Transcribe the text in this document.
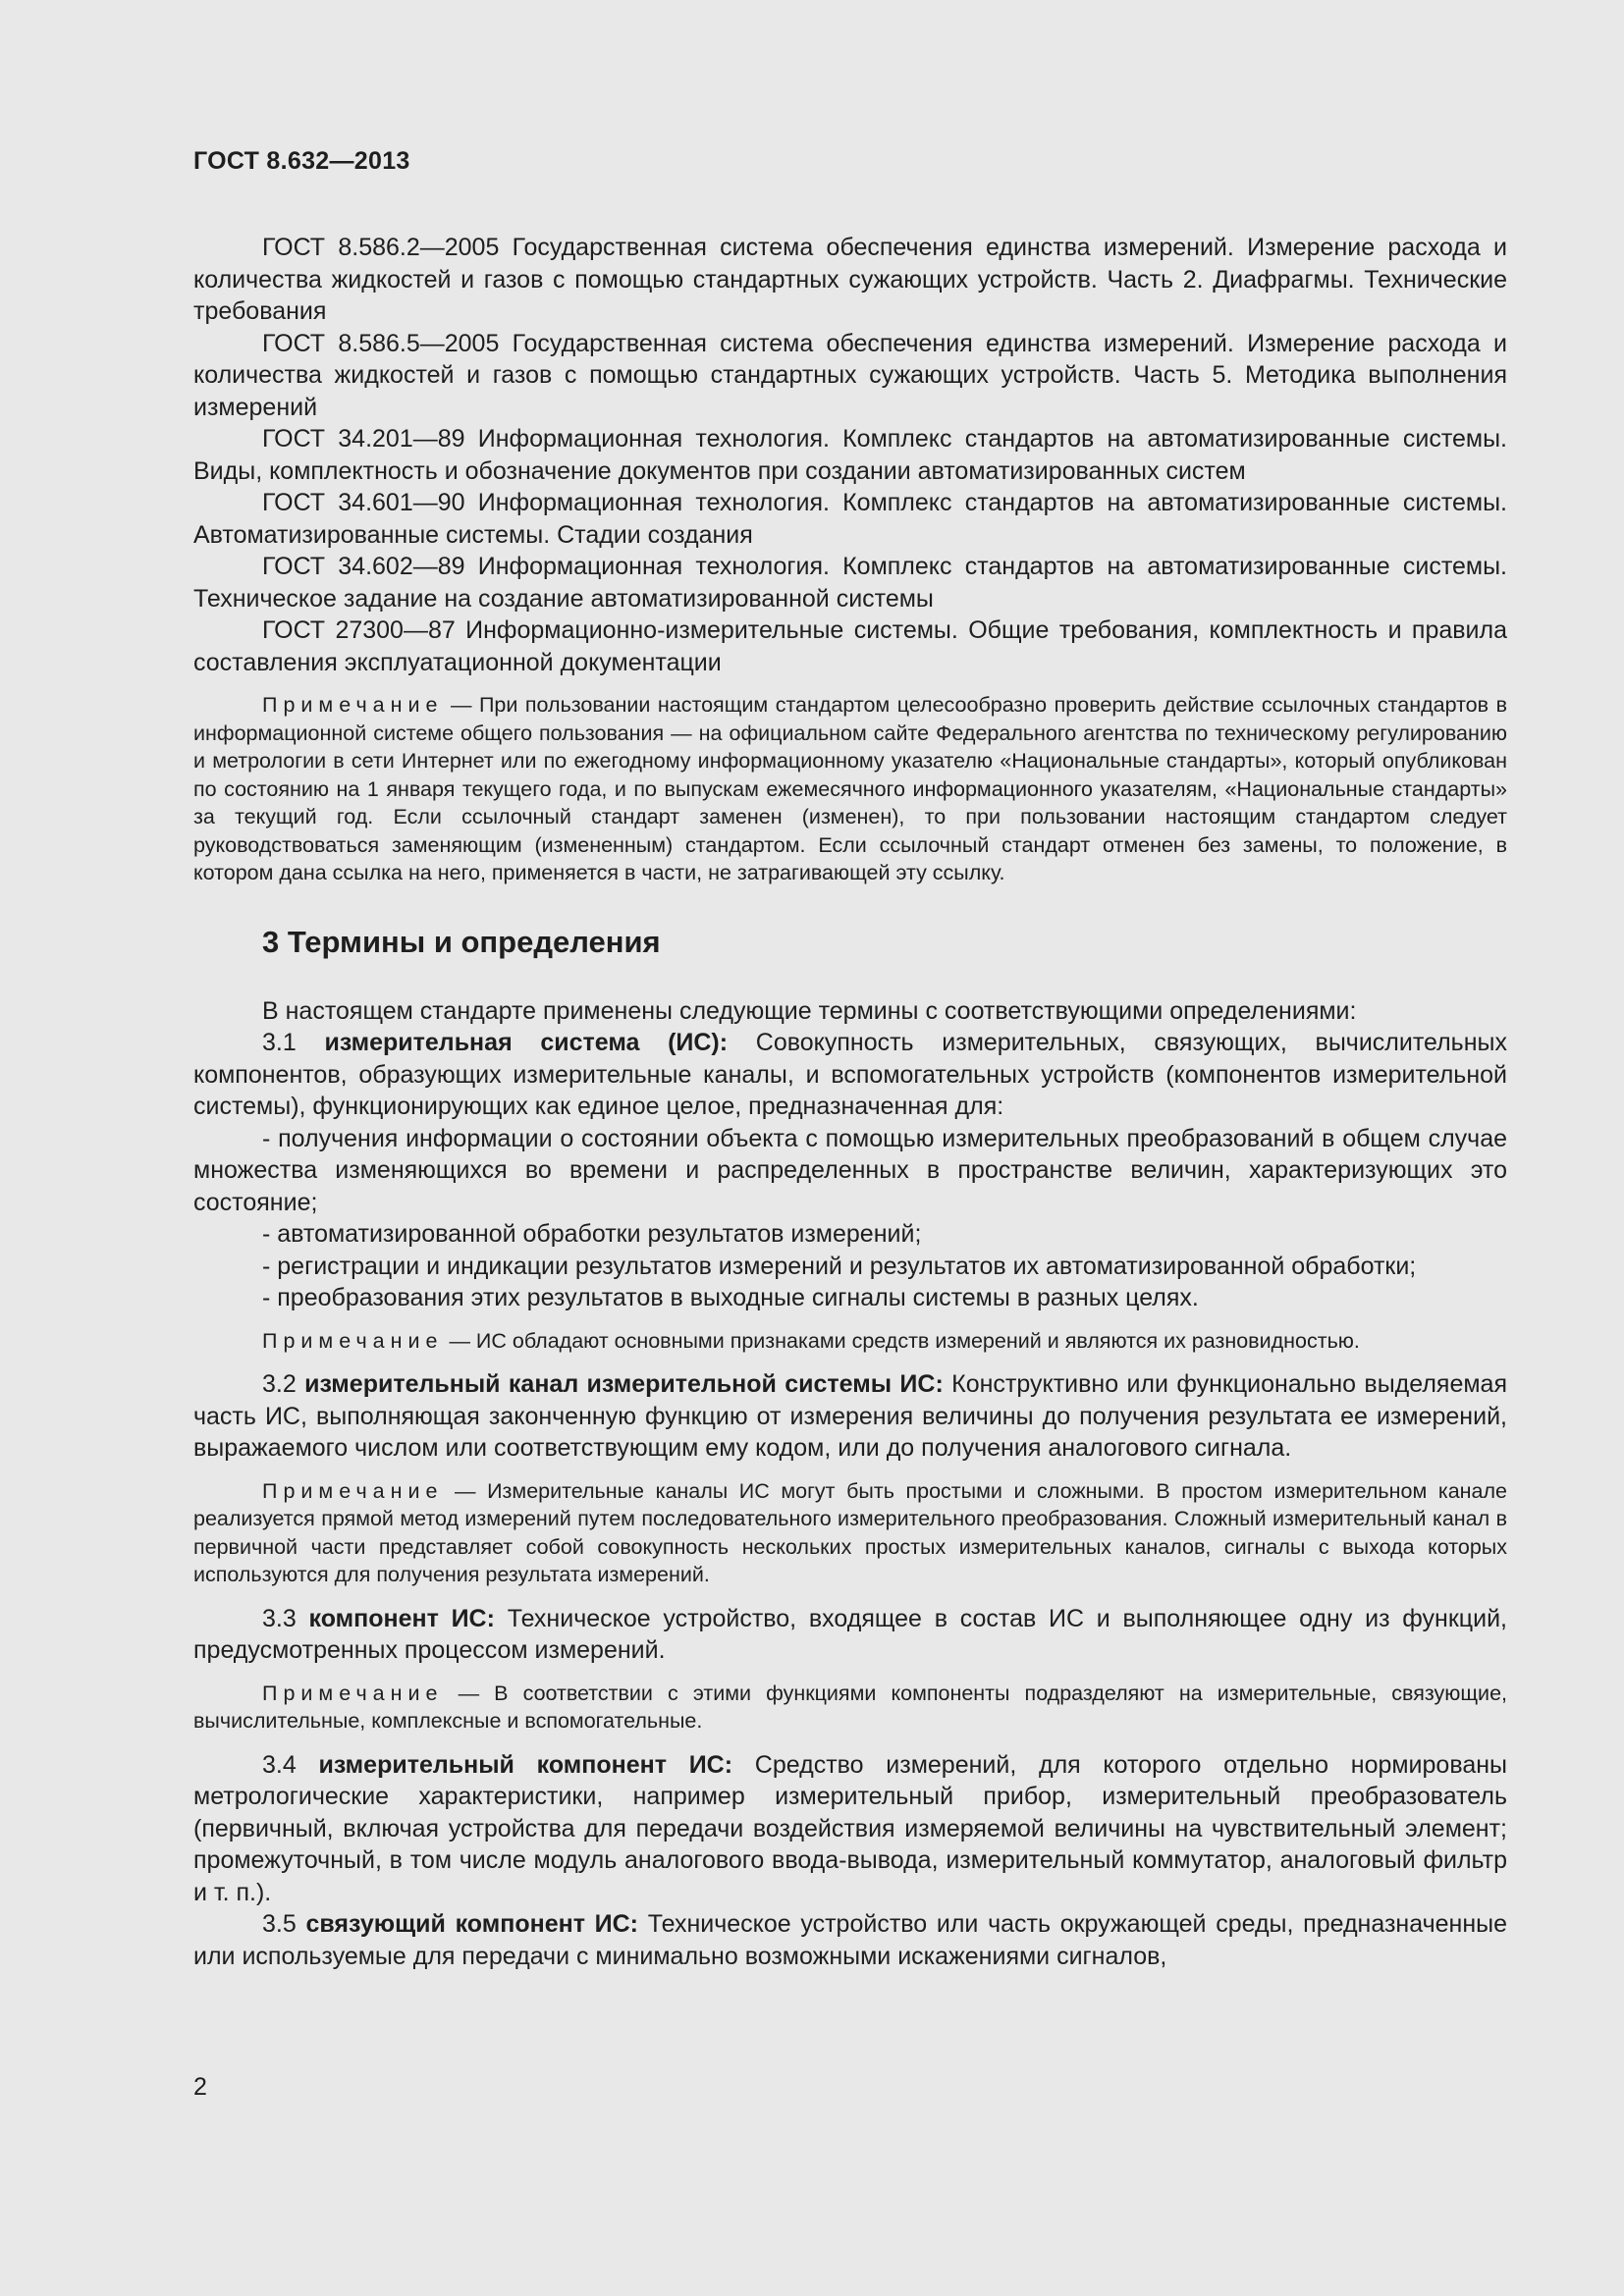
ГОСТ 8.632—2013

ГОСТ 8.586.2—2005 Государственная система обеспечения единства измерений. Измерение расхода и количества жидкостей и газов с помощью стандартных сужающих устройств. Часть 2. Диафрагмы. Технические требования

ГОСТ 8.586.5—2005 Государственная система обеспечения единства измерений. Измерение расхода и количества жидкостей и газов с помощью стандартных сужающих устройств. Часть 5. Методика выполнения измерений

ГОСТ 34.201—89 Информационная технология. Комплекс стандартов на автоматизированные системы. Виды, комплектность и обозначение документов при создании автоматизированных систем

ГОСТ 34.601—90 Информационная технология. Комплекс стандартов на автоматизированные системы. Автоматизированные системы. Стадии создания

ГОСТ 34.602—89 Информационная технология. Комплекс стандартов на автоматизированные системы. Техническое задание на создание автоматизированной системы

ГОСТ 27300—87 Информационно-измерительные системы. Общие требования, комплектность и правила составления эксплуатационной документации

Примечание — При пользовании настоящим стандартом целесообразно проверить действие ссылочных стандартов в информационной системе общего пользования — на официальном сайте Федерального агентства по техническому регулированию и метрологии в сети Интернет или по ежегодному информационному указателю «Национальные стандарты», который опубликован по состоянию на 1 января текущего года, и по выпускам ежемесячного информационного указателям, «Национальные стандарты» за текущий год. Если ссылочный стандарт заменен (изменен), то при пользовании настоящим стандартом следует руководствоваться заменяющим (измененным) стандартом. Если ссылочный стандарт отменен без замены, то положение, в котором дана ссылка на него, применяется в части, не затрагивающей эту ссылку.

3 Термины и определения

В настоящем стандарте применены следующие термины с соответствующими определениями:

3.1 измерительная система (ИС): Совокупность измерительных, связующих, вычислительных компонентов, образующих измерительные каналы, и вспомогательных устройств (компонентов измерительной системы), функционирующих как единое целое, предназначенная для:

- получения информации о состоянии объекта с помощью измерительных преобразований в общем случае множества изменяющихся во времени и распределенных в пространстве величин, характеризующих это состояние;

- автоматизированной обработки результатов измерений;

- регистрации и индикации результатов измерений и результатов их автоматизированной обработки;

- преобразования этих результатов в выходные сигналы системы в разных целях.

Примечание — ИС обладают основными признаками средств измерений и являются их разновидностью.

3.2 измерительный канал измерительной системы ИС: Конструктивно или функционально выделяемая часть ИС, выполняющая законченную функцию от измерения величины до получения результата ее измерений, выражаемого числом или соответствующим ему кодом, или до получения аналогового сигнала.

Примечание — Измерительные каналы ИС могут быть простыми и сложными. В простом измерительном канале реализуется прямой метод измерений путем последовательного измерительного преобразования. Сложный измерительный канал в первичной части представляет собой совокупность нескольких простых измерительных каналов, сигналы с выхода которых используются для получения результата измерений.

3.3 компонент ИС: Техническое устройство, входящее в состав ИС и выполняющее одну из функций, предусмотренных процессом измерений.

Примечание — В соответствии с этими функциями компоненты подразделяют на измерительные, связующие, вычислительные, комплексные и вспомогательные.

3.4 измерительный компонент ИС: Средство измерений, для которого отдельно нормированы метрологические характеристики, например измерительный прибор, измерительный преобразователь (первичный, включая устройства для передачи воздействия измеряемой величины на чувствительный элемент; промежуточный, в том числе модуль аналогового ввода-вывода, измерительный коммутатор, аналоговый фильтр и т. п.).

3.5 связующий компонент ИС: Техническое устройство или часть окружающей среды, предназначенные или используемые для передачи с минимально возможными искажениями сигналов,

2
